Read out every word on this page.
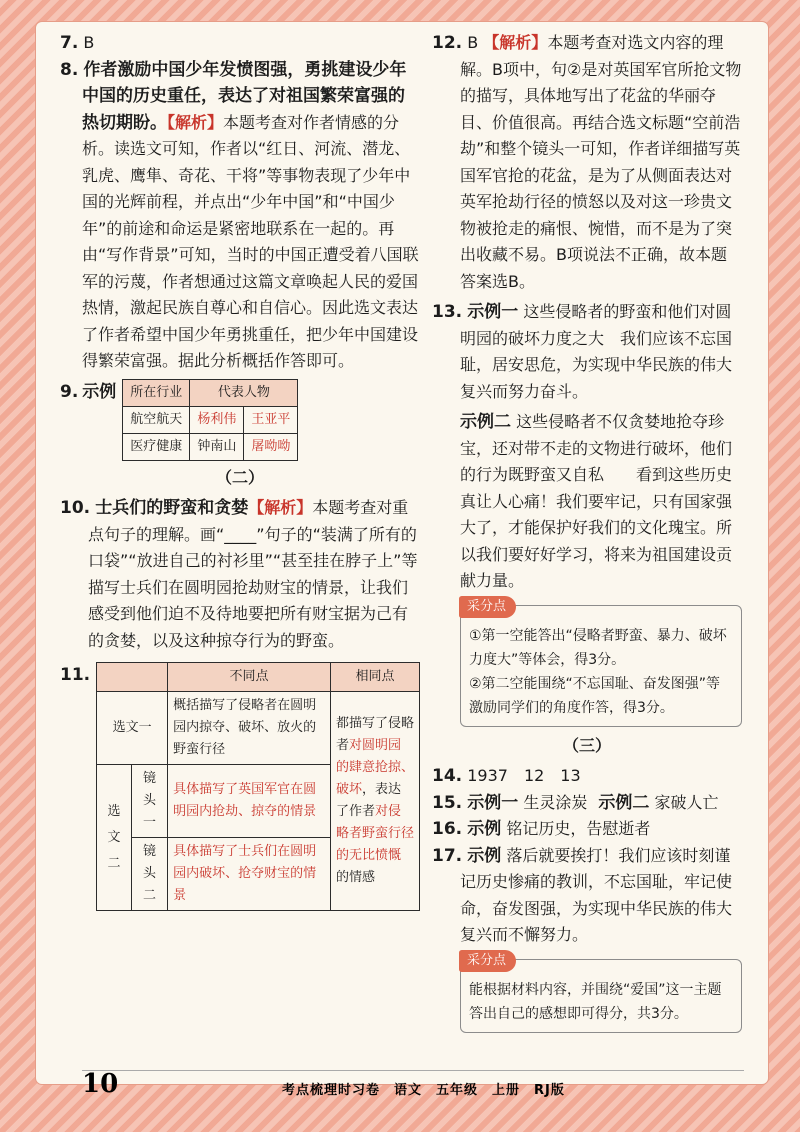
7. B

8. 作者激励中国少年发愤图强，勇挑建设少年中国的历史重任，表达了对祖国繁荣富强的热切期盼。【解析】本题考查对作者情感的分析。读选文可知，作者以“红日、河流、潜龙、乳虎、鹰隼、奇花、干将”等事物表现了少年中国的光辉前程，并点出“少年中国”和“中国少年”的前途和命运是紧密地联系在一起的。再由“写作背景”可知，当时的中国正遭受着八国联军的污蔑，作者想通过这篇文章唤起人民的爱国热情，激起民族自尊心和自信心。因此选文表达了作者希望中国少年勇挑重任，把少年中国建设得繁荣富强。据此分析概括作答即可。

9. 示例 所在行业	代表人物	
航空航天	杨利伟	王亚平
医疗健康	钟南山	屠呦呦
（二）

10. 士兵们的野蛮和贪婪【解析】本题考查对重点句子的理解。画“____”句子的“装满了所有的口袋”“放进自己的衬衫里”“甚至挂在脖子上”等描写士兵们在圆明园抢劫财宝的情景，让我们感受到他们迫不及待地要把所有财宝据为己有的贪婪，以及这种掠夺行为的野蛮。

11.
		不同点	相同点
选文一		概括描写了侵略者在圆明园内掠夺、破坏、放火的野蛮行径	都描写了侵略者对圆明园的肆意抢掠、破坏，表达了作者对侵略者野蛮行径的无比愤慨的情感
选文二	镜头一	具体描写了英国军官在圆明园内抢劫、掠夺的情景	
	镜头二	具体描写了士兵们在圆明园内破坏、抢夺财宝的情景	

12. B 【解析】本题考查对选文内容的理解。B项中，句②是对英国军官所抢文物的描写，具体地写出了花盆的华丽夺目、价值很高。再结合选文标题“空前浩劫”和整个镜头一可知，作者详细描写英国军官抢的花盆，是为了从侧面表达对英军抢劫行径的愤怒以及对这一珍贵文物被抢走的痛恨、惋惜，而不是为了突出收藏不易。B项说法不正确，故本题答案选B。

13. 示例一 这些侵略者的野蛮和他们对圆明园的破坏力度之大　我们应该不忘国耻，居安思危，为实现中华民族的伟大复兴而努力奋斗。
示例二 这些侵略者不仅贪婪地抢夺珍宝，还对带不走的文物进行破坏，他们的行为既野蛮又自私　　看到这些历史真让人心痛！我们要牢记，只有国家强大了，才能保护好我们的文化瑰宝。所以我们要好好学习，将来为祖国建设贡献力量。
采分点
①第一空能答出“侵略者野蛮、暴力、破坏力度大”等体会，得3分。
②第二空能围绕“不忘国耻、奋发图强”等激励同学们的角度作答，得3分。
（三）

14. 1937　12　13

15. 示例一 生灵涂炭 示例二 家破人亡

16. 示例 铭记历史，告慰逝者

17. 示例 落后就要挨打！我们应该时刻谨记历史惨痛的教训，不忘国耻，牢记使命，奋发图强，为实现中华民族的伟大复兴而不懈努力。

采分点
能根据材料内容，并围绕“爱国”这一主题答出自己的感想即可得分，共3分。
10	考点梳理时习卷　语文　五年级　上册　RJ版
